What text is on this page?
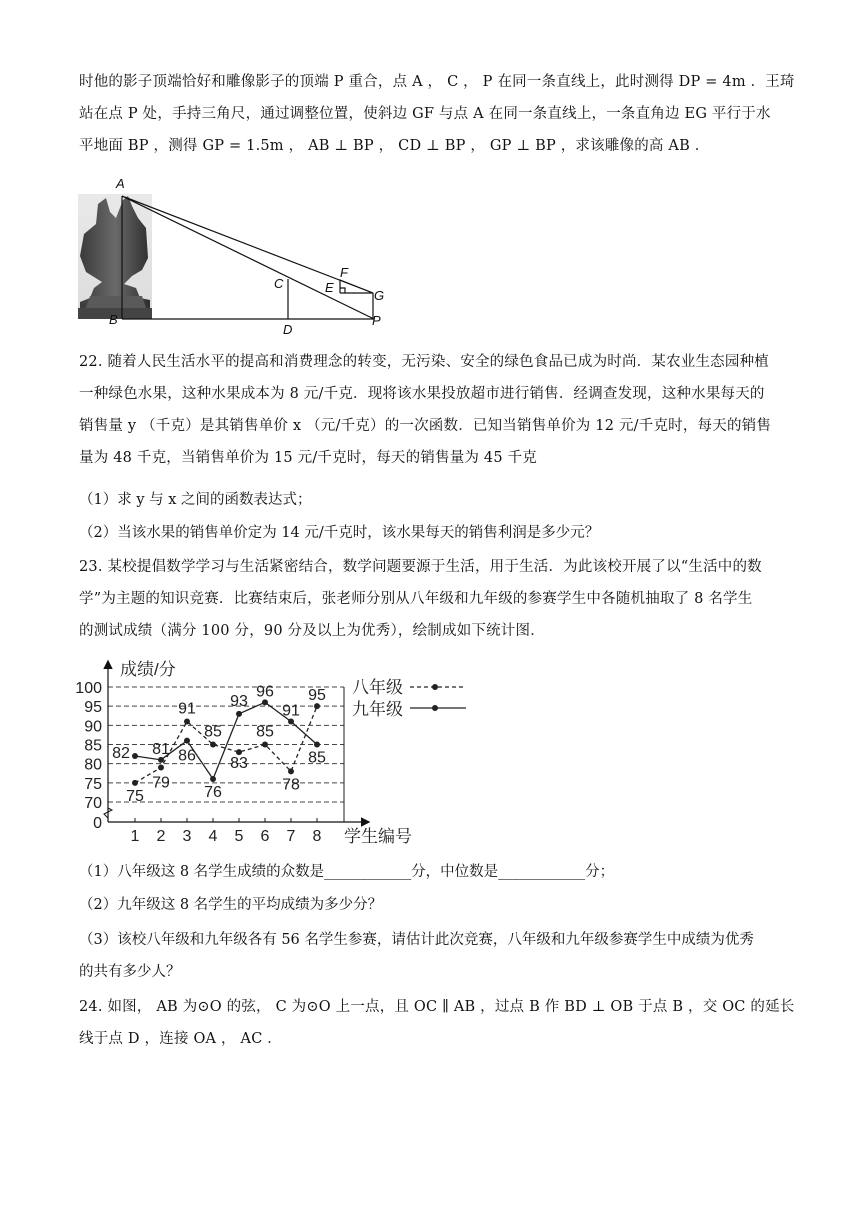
时他的影子顶端恰好和雕像影子的顶端 P 重合，点 A ， C ， P 在同一条直线上，此时测得 DP = 4m ．王琦
站在点 P 处，手持三角尺，通过调整位置，使斜边 GF 与点 A 在同一条直线上，一条直角边 EG 平行于水
平地面 BP ，测得 GP = 1.5m ， AB ⊥ BP ， CD ⊥ BP ， GP ⊥ BP ，求该雕像的高 AB ．
A
B
C
D
E
F
G
P
22. 随着人民生活水平的提高和消费理念的转变，无污染、安全的绿色食品已成为时尚．某农业生态园种植
一种绿色水果，这种水果成本为 8 元/千克．现将该水果投放超市进行销售．经调查发现，这种水果每天的
销售量 y （千克）是其销售单价 x （元/千克）的一次函数．已知当销售单价为 12 元/千克时，每天的销售
量为 48 千克，当销售单价为 15 元/千克时，每天的销售量为 45 千克
（1）求 y 与 x 之间的函数表达式；
（2）当该水果的销售单价定为 14 元/千克时，该水果每天的销售利润是多少元？
23. 某校提倡数学学习与生活紧密结合，数学问题要源于生活，用于生活．为此该校开展了以“生活中的数
学”为主题的知识竞赛．比赛结束后，张老师分别从八年级和九年级的参赛学生中各随机抽取了 8 名学生
的测试成绩（满分 100 分，90 分及以上为优秀），绘制成如下统计图．
0
70
75
80
85
90
95
100
1 2 3 4 5 6 7 8
75
79
91
85
83
85
78
95
82 81 86
76
93
96
91
85
成绩/分
学生编号
八年级
九年级
（1）八年级这 8 名学生成绩的众数是____________分，中位数是____________分；
（2）九年级这 8 名学生的平均成绩为多少分？
（3）该校八年级和九年级各有 56 名学生参赛，请估计此次竞赛，八年级和九年级参赛学生中成绩为优秀
的共有多少人？
24. 如图， AB 为⊙O 的弦， C 为⊙O 上一点，且 OC ∥ AB ，过点 B 作 BD ⊥ OB 于点 B ，交 OC 的延长
线于点 D ，连接 OA ， AC ．
